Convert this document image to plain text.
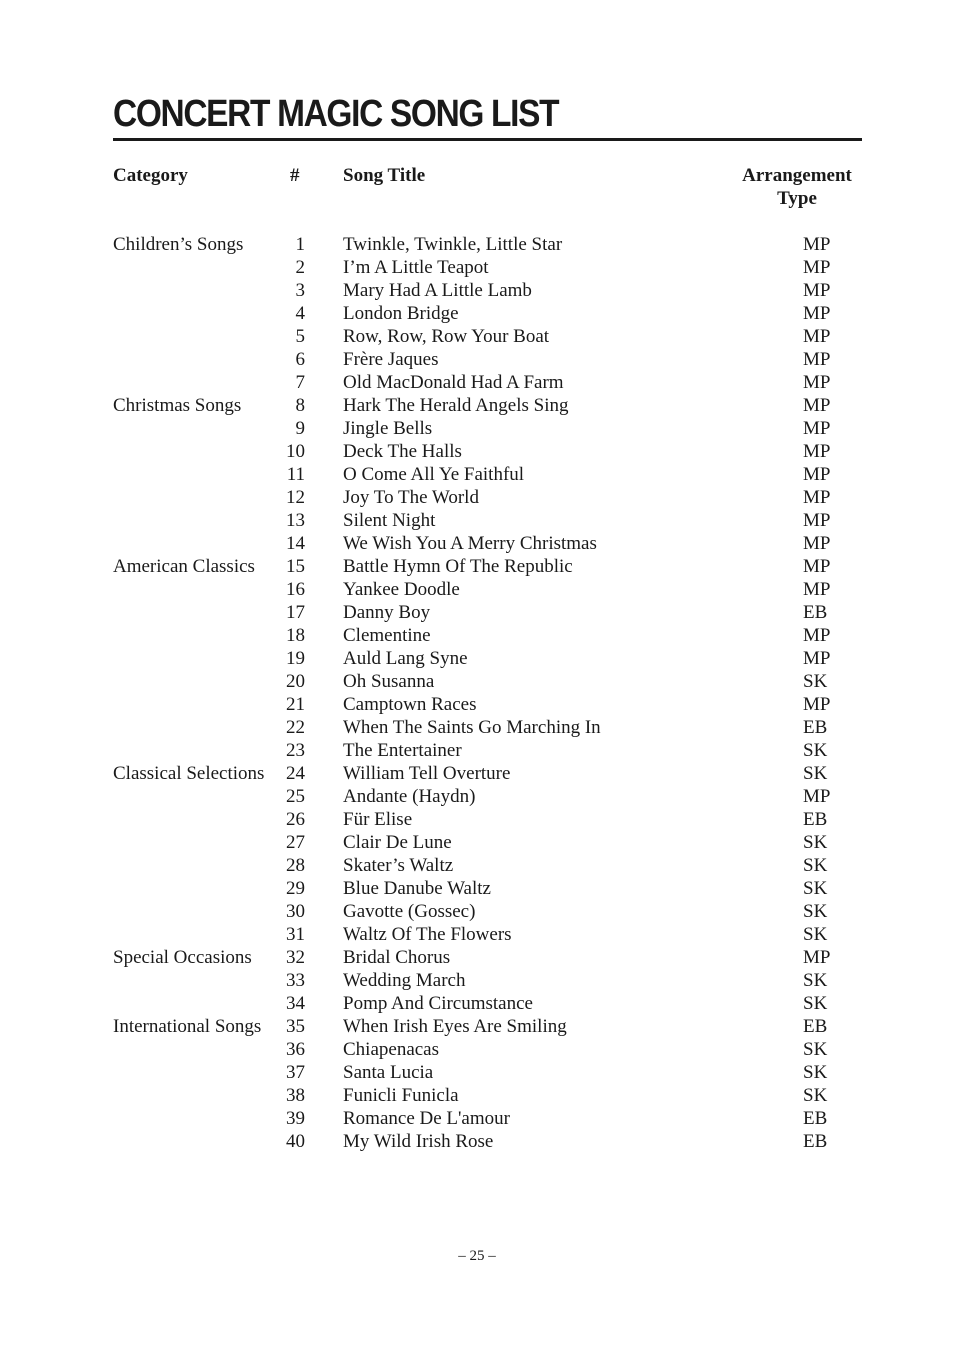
CONCERT MAGIC SONG LIST
Category	# Song Title	Arrangement
Type
Children’s Songs	1 Twinkle, Twinkle, Little Star	MP
2 I’m A Little Teapot	MP
3 Mary Had A Little Lamb	MP
4 London Bridge	MP
5 Row, Row, Row Your Boat	MP
6 Frère Jaques	MP
7 Old MacDonald Had A Farm	MP
Christmas Songs	8 Hark The Herald Angels Sing	MP
9 Jingle Bells	MP
10 Deck The Halls	MP
11 O Come All Ye Faithful	MP
12 Joy To The World	MP
13 Silent Night	MP
14 We Wish You A Merry Christmas	MP
American Classics 15 Battle Hymn Of The Republic	MP
16 Yankee Doodle	MP
17 Danny Boy	EB
18 Clementine	MP
19 Auld Lang Syne	MP
20 Oh Susanna	SK
21 Camptown Races	MP
22 When The Saints Go Marching In	EB
23 The Entertainer	SK
Classical Selections 24 William Tell Overture	SK
25 Andante (Haydn)	MP
26 Für Elise	EB
27 Clair De Lune	SK
28 Skater’s Waltz	SK
29 Blue Danube Waltz	SK
30 Gavotte (Gossec)	SK
31 Waltz Of The Flowers	SK
Special Occasions 32 Bridal Chorus	MP
33 Wedding March	SK
34 Pomp And Circumstance	SK
International Songs 35 When Irish Eyes Are Smiling	EB
36 Chiapenacas	SK
37 Santa Lucia	SK
38 Funicli Funicla	SK
39 Romance De L'amour	EB
40 My Wild Irish Rose	EB
– 25 –
